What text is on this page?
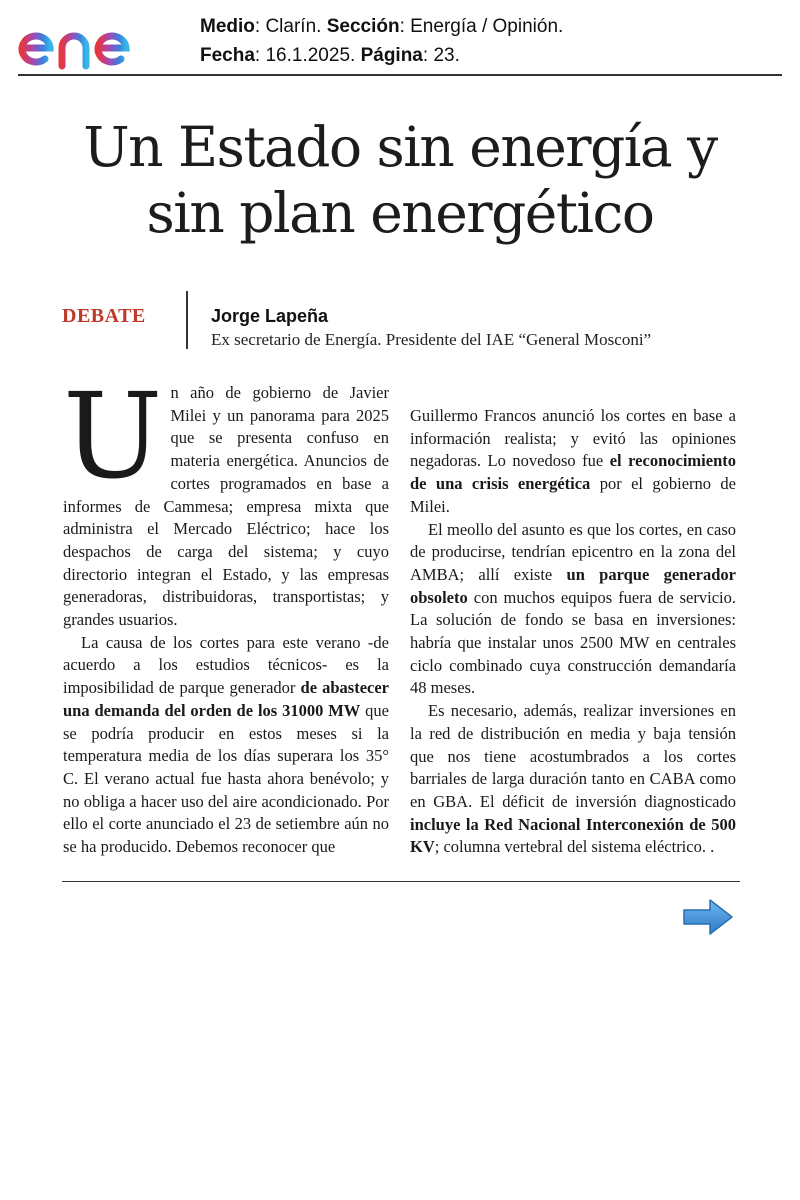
Medio: Clarín. Sección: Energía / Opinión.
Fecha: 16.1.2025. Página: 23.
Un Estado sin energía y
sin plan energético
DEBATE	Jorge Lapeña
Ex secretario de Energía. Presidente del IAE “General Mosconi”

Un año de gobierno de Javier Milei y un panorama para 2025 que se presenta confuso en materia energética. Anuncios de cortes programados en base a informes de Cammesa; empresa mixta que administra el Mercado Eléctrico; hace los despachos de carga del sistema; y cuyo directorio integran el Estado, y las empresas generadoras, distribuidoras, transportistas; y grandes usuarios.

La causa de los cortes para este verano -de acuerdo a los estudios técnicos- es la imposibilidad de parque generador de abastecer una demanda del orden de los 31000 MW que se podría producir en estos meses si la temperatura media de los días superara los 35° C. El verano actual fue hasta ahora benévolo; y no obliga a hacer uso del aire acondicionado. Por ello el corte anunciado el 23 de setiembre aún no se ha producido. Debemos reconocer que

Guillermo Francos anunció los cortes en base a información realista; y evitó las opiniones negadoras. Lo novedoso fue el reconocimiento de una crisis energética por el gobierno de Milei.

El meollo del asunto es que los cortes, en caso de producirse, tendrían epicentro en la zona del AMBA; allí existe un parque generador obsoleto con muchos equipos fuera de servicio. La solución de fondo se basa en inversiones: habría que instalar unos 2500 MW en centrales ciclo combinado cuya construcción demandaría 48 meses.

Es necesario, además, realizar inversiones en la red de distribución en media y baja tensión que nos tiene acostumbrados a los cortes barriales de larga duración tanto en CABA como en GBA. El déficit de inversión diagnosticado incluye la Red Nacional Interconexión de 500 KV; columna vertebral del sistema eléctrico. .
